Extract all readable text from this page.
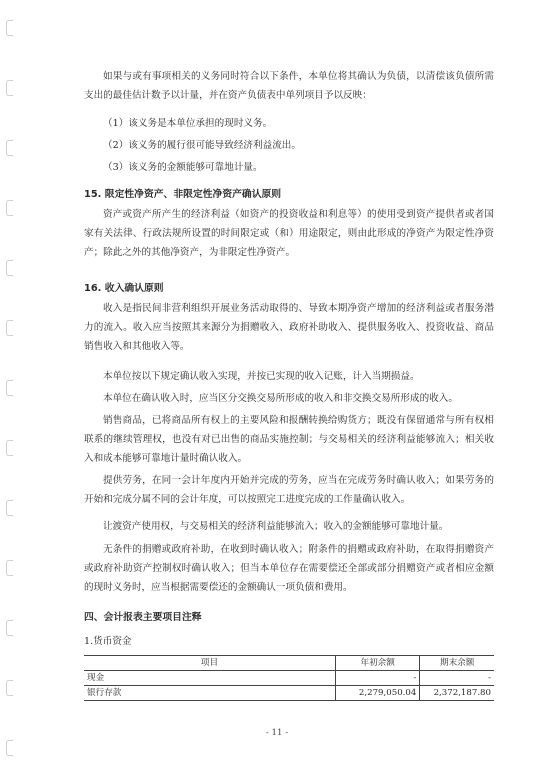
如果与或有事项相关的义务同时符合以下条件，本单位将其确认为负债，以清偿该负债所需支出的最佳估计数予以计量，并在资产负债表中单列项目予以反映：
（1）该义务是本单位承担的现时义务。
（2）该义务的履行很可能导致经济利益流出。
（3）该义务的金额能够可靠地计量。
15. 限定性净资产、非限定性净资产确认原则
资产或资产所产生的经济利益（如资产的投资收益和利息等）的使用受到资产提供者或者国家有关法律、行政法规所设置的时间限定或（和）用途限定，则由此形成的净资产为限定性净资产；除此之外的其他净资产，为非限定性净资产。
16. 收入确认原则
收入是指民间非营利组织开展业务活动取得的、导致本期净资产增加的经济利益或者服务潜力的流入。收入应当按照其来源分为捐赠收入、政府补助收入、提供服务收入、投资收益、商品销售收入和其他收入等。
本单位按以下规定确认收入实现，并按已实现的收入记账，计入当期损益。
本单位在确认收入时，应当区分交换交易所形成的收入和非交换交易所形成的收入。
销售商品，已将商品所有权上的主要风险和报酬转换给购货方；既没有保留通常与所有权相联系的继续管理权，也没有对已出售的商品实施控制；与交易相关的经济利益能够流入；相关收入和成本能够可靠地计量时确认收入。
提供劳务，在同一会计年度内开始并完成的劳务，应当在完成劳务时确认收入；如果劳务的开始和完成分属不同的会计年度，可以按照完工进度完成的工作量确认收入。
让渡资产使用权，与交易相关的经济利益能够流入；收入的金额能够可靠地计量。
无条件的捐赠或政府补助，在收到时确认收入；附条件的捐赠或政府补助，在取得捐赠资产或政府补助资产控制权时确认收入；但当本单位存在需要偿还全部或部分捐赠资产或者相应金额的现时义务时，应当根据需要偿还的金额确认一项负债和费用。
四、会计报表主要项目注释
1.货币资金
项目	年初余额	期末余额
现金	-	-
银行存款	2,279,050.04	2,372,187.80
- 11 -
